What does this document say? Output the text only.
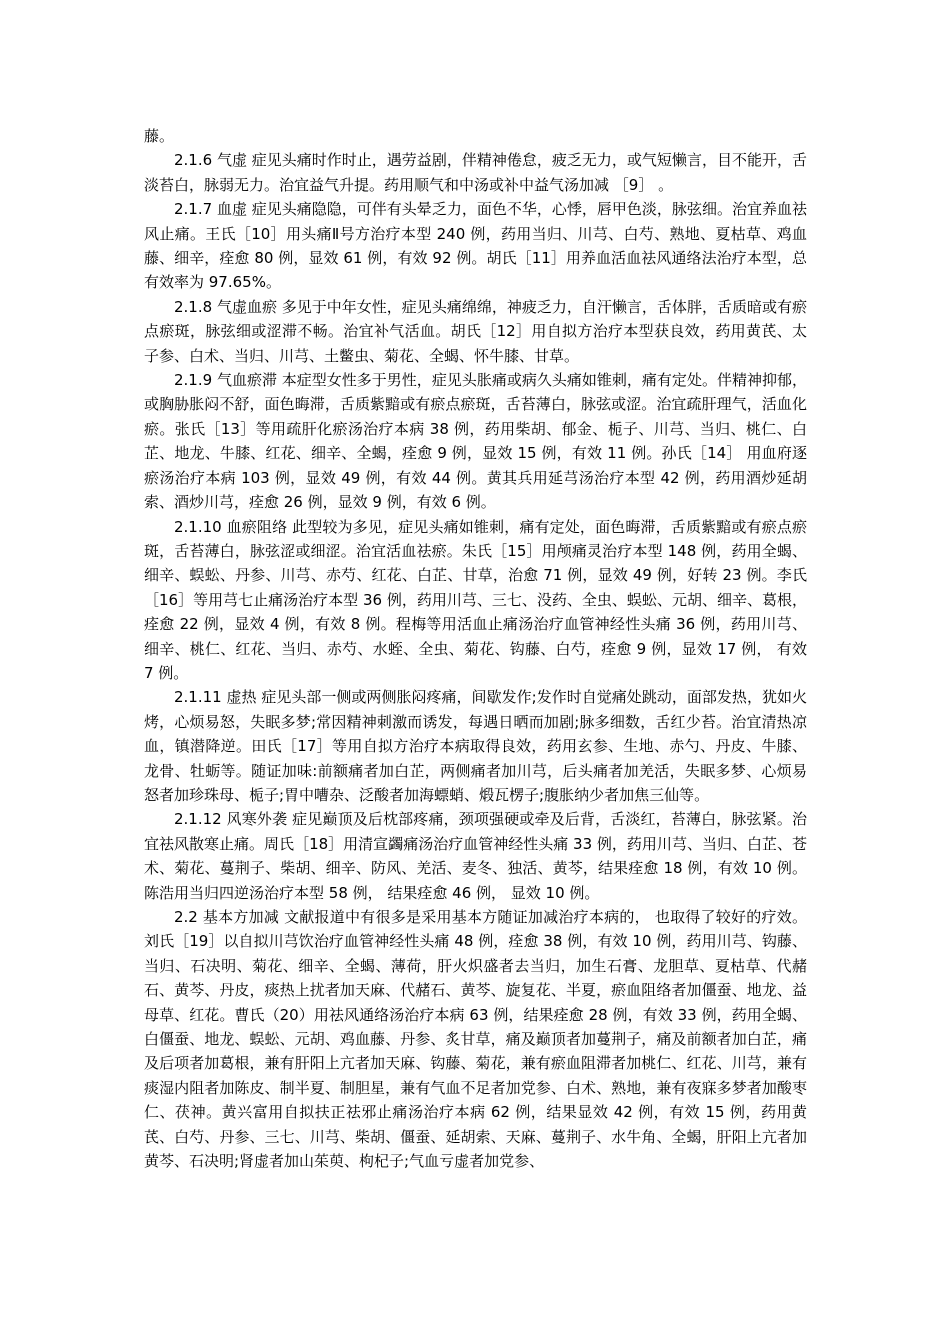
藤。

2.1.6 气虚 症见头痛时作时止，遇劳益剧，伴精神倦怠，疲乏无力，或气短懒言，目不能开，舌淡苔白，脉弱无力。治宜益气升提。药用顺气和中汤或补中益气汤加减 ［9］ 。

2.1.7 血虚 症见头痛隐隐，可伴有头晕乏力，面色不华，心悸，唇甲色淡，脉弦细。治宜养血祛风止痛。王氏［10］用头痛Ⅱ号方治疗本型 240 例，药用当归、川芎、白芍、熟地、夏枯草、鸡血藤、细辛，痊愈 80 例，显效 61 例，有效 92 例。胡氏［11］用养血活血祛风通络法治疗本型，总有效率为 97.65%。

2.1.8 气虚血瘀 多见于中年女性，症见头痛绵绵，神疲乏力，自汗懒言，舌体胖，舌质暗或有瘀点瘀斑，脉弦细或涩滞不畅。治宜补气活血。胡氏［12］用自拟方治疗本型获良效，药用黄芪、太子参、白术、当归、川芎、土鳖虫、菊花、全蝎、怀牛膝、甘草。

2.1.9 气血瘀滞 本症型女性多于男性，症见头胀痛或病久头痛如锥刺，痛有定处。伴精神抑郁，或胸胁胀闷不舒，面色晦滞，舌质紫黯或有瘀点瘀斑，舌苔薄白，脉弦或涩。治宜疏肝理气，活血化瘀。张氏［13］等用疏肝化瘀汤治疗本病 38 例，药用柴胡、郁金、栀子、川芎、当归、桃仁、白芷、地龙、牛膝、红花、细辛、全蝎，痊愈 9 例，显效 15 例，有效 11 例。孙氏［14］ 用血府逐瘀汤治疗本病 103 例，显效 49 例，有效 44 例。黄其兵用延芎汤治疗本型 42 例，药用酒炒延胡索、酒炒川芎，痊愈 26 例，显效 9 例，有效 6 例。

2.1.10 血瘀阻络 此型较为多见，症见头痛如锥刺，痛有定处，面色晦滞，舌质紫黯或有瘀点瘀斑，舌苔薄白，脉弦涩或细涩。治宜活血祛瘀。朱氏［15］用颅痛灵治疗本型 148 例，药用全蝎、细辛、蜈蚣、丹参、川芎、赤芍、红花、白芷、甘草，治愈 71 例，显效 49 例，好转 23 例。李氏［16］等用芎七止痛汤治疗本型 36 例，药用川芎、三七、没药、全虫、蜈蚣、元胡、细辛、葛根，痊愈 22 例，显效 4 例，有效 8 例。程梅等用活血止痛汤治疗血管神经性头痛 36 例，药用川芎、细辛、桃仁、红花、当归、赤芍、水蛭、全虫、菊花、钩藤、白芍，痊愈 9 例，显效 17 例， 有效 7 例。

2.1.11 虚热 症见头部一侧或两侧胀闷疼痛，间歇发作;发作时自觉痛处跳动，面部发热，犹如火烤，心烦易怒，失眠多梦;常因精神刺激而诱发，每遇日晒而加剧;脉多细数，舌红少苔。治宜清热凉血，镇潜降逆。田氏［17］等用自拟方治疗本病取得良效，药用玄参、生地、赤勺、丹皮、牛膝、龙骨、牡蛎等。随证加味:前额痛者加白芷，两侧痛者加川芎，后头痛者加羌活，失眠多梦、心烦易怒者加珍珠母、栀子;胃中嘈杂、泛酸者加海螵蛸、煅瓦楞子;腹胀纳少者加焦三仙等。

2.1.12 风寒外袭 症见巅顶及后枕部疼痛，颈项强硬或牵及后背，舌淡红，苔薄白，脉弦紧。治宜祛风散寒止痛。周氏［18］用清宣蠲痛汤治疗血管神经性头痛 33 例，药用川芎、当归、白芷、苍术、菊花、蔓荆子、柴胡、细辛、防风、羌活、麦冬、独活、黄芩，结果痊愈 18 例，有效 10 例。 陈浩用当归四逆汤治疗本型 58 例， 结果痊愈 46 例， 显效 10 例。

2.2 基本方加减 文献报道中有很多是采用基本方随证加减治疗本病的， 也取得了较好的疗效。刘氏［19］以自拟川芎饮治疗血管神经性头痛 48 例，痊愈 38 例，有效 10 例，药用川芎、钩藤、当归、石决明、菊花、细辛、全蝎、薄荷，肝火炽盛者去当归，加生石膏、龙胆草、夏枯草、代赭石、黄芩、丹皮，痰热上扰者加天麻、代赭石、黄芩、旋复花、半夏，瘀血阻络者加僵蚕、地龙、益母草、红花。曹氏（20）用祛风通络汤治疗本病 63 例，结果痊愈 28 例，有效 33 例，药用全蝎、白僵蚕、地龙、蜈蚣、元胡、鸡血藤、丹参、炙甘草，痛及巅顶者加蔓荆子，痛及前额者加白芷，痛及后项者加葛根，兼有肝阳上亢者加天麻、钩藤、菊花，兼有瘀血阻滞者加桃仁、红花、川芎，兼有痰湿内阻者加陈皮、制半夏、制胆星，兼有气血不足者加党参、白术、熟地，兼有夜寐多梦者加酸枣仁、茯神。黄兴富用自拟扶正祛邪止痛汤治疗本病 62 例，结果显效 42 例，有效 15 例，药用黄芪、白芍、丹参、三七、川芎、柴胡、僵蚕、延胡索、天麻、蔓荆子、水牛角、全蝎，肝阳上亢者加黄芩、石决明;肾虚者加山茱萸、枸杞子;气血亏虚者加党参、
